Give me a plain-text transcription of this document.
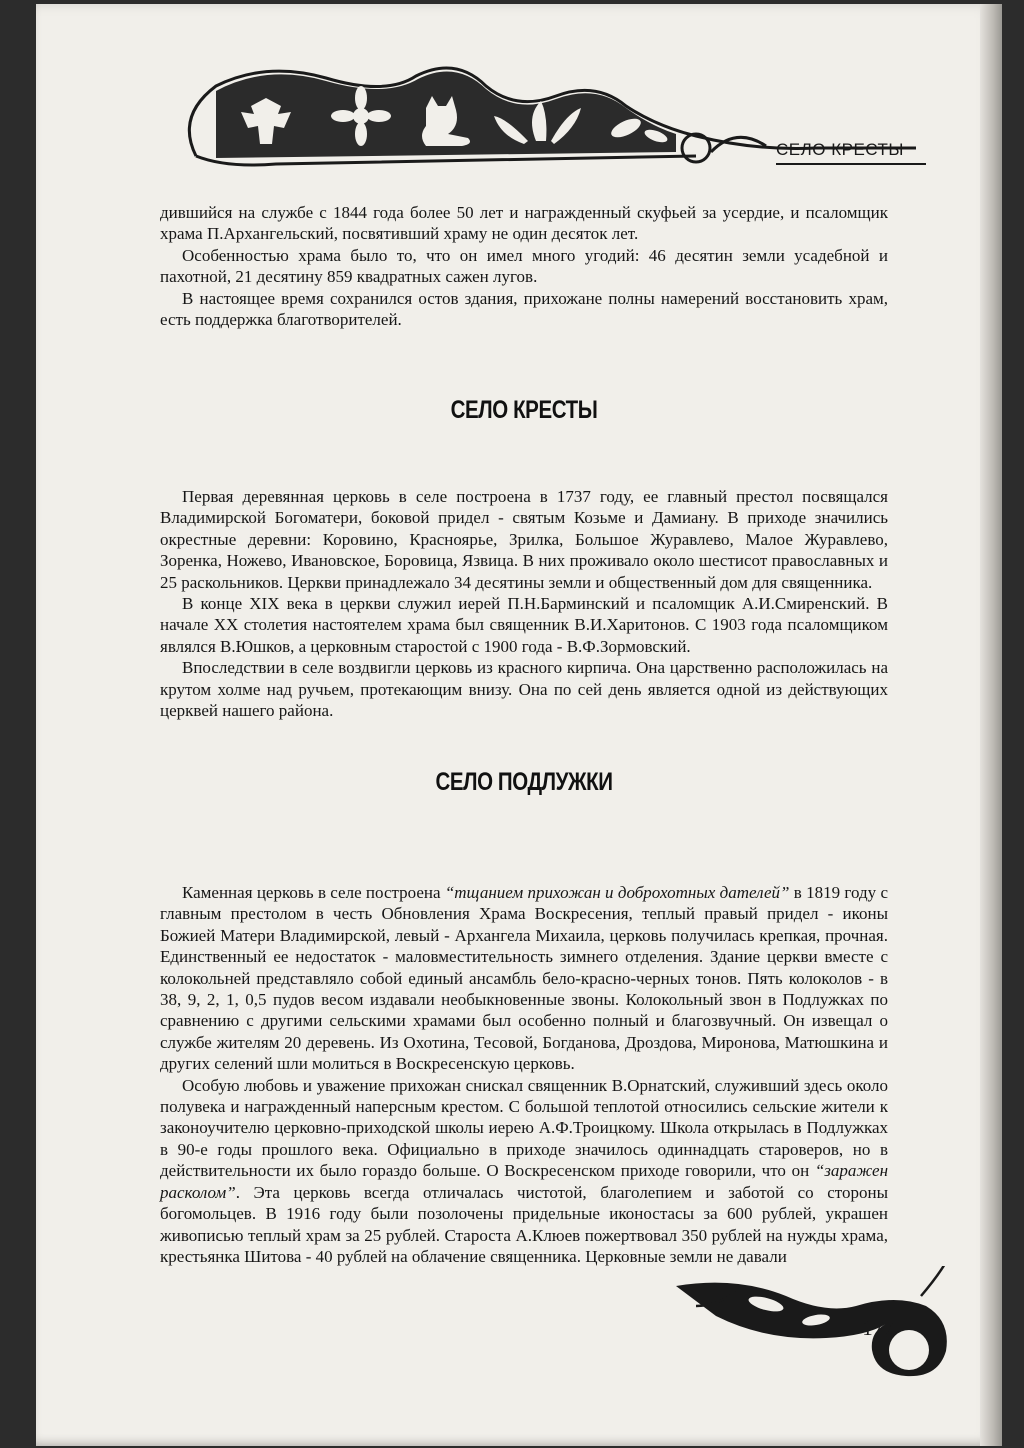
СЕЛО КРЕСТЫ

дившийся на службе с 1844 года более 50 лет и награжденный скуфьей за усердие, и псаломщик храма П.Архангельский, посвятивший храму не один десяток лет.

Особенностью храма было то, что он имел много угодий: 46 десятин земли усадебной и пахотной, 21 десятину 859 квадратных сажен лугов.

В настоящее время сохранился остов здания, прихожане полны намерений восстановить храм, есть поддержка благотворителей.

СЕЛО КРЕСТЫ

Первая деревянная церковь в селе построена в 1737 году, ее главный престол посвящался Владимирской Богоматери, боковой придел - святым Козьме и Дамиану. В приходе значились окрестные деревни: Коровино, Красноярье, Зрилка, Большое Журавлево, Малое Журавлево, Зоренка, Ножево, Ивановское, Боровица, Язвица. В них проживало около шестисот православных и 25 раскольников. Церкви принадлежало 34 десятины земли и общественный дом для священника.

В конце XIX века в церкви служил иерей П.Н.Барминский и псаломщик А.И.Смиренский. В начале XX столетия настоятелем храма был священник В.И.Харитонов. С 1903 года псаломщиком являлся В.Юшков, а церковным старостой с 1900 года - В.Ф.Зормовский.

Впоследствии в селе воздвигли церковь из красного кирпича. Она царственно расположилась на крутом холме над ручьем, протекающим внизу. Она по сей день является одной из действующих церквей нашего района.

СЕЛО ПОДЛУЖКИ

Каменная церковь в селе построена “тщанием прихожан и доброхотных дателей” в 1819 году с главным престолом в честь Обновления Храма Воскресения, теплый правый придел - иконы Божией Матери Владимирской, левый - Архангела Михаила, церковь получилась крепкая, прочная. Единственный ее недостаток - маловместительность зимнего отделения. Здание церкви вместе с колокольней представляло собой единый ансамбль бело-красно-черных тонов. Пять колоколов - в 38, 9, 2, 1, 0,5 пудов весом издавали необыкновенные звоны. Колокольный звон в Подлужках по сравнению с другими сельскими храмами был особенно полный и благозвучный. Он извещал о службе жителям 20 деревень. Из Охотина, Тесовой, Богданова, Дроздова, Миронова, Матюшкина и других селений шли молиться в Воскресенскую церковь.

Особую любовь и уважение прихожан снискал священник В.Орнатский, служивший здесь около полувека и награжденный наперсным крестом. С большой теплотой относились сельские жители к законоучителю церковно-приходской школы иерею А.Ф.Троицкому. Школа открылась в Подлужках в 90-е годы прошлого века. Официально в приходе значилось одиннадцать староверов, но в действительности их было гораздо больше. О Воскресенском приходе говорили, что он “заражен расколом”. Эта церковь всегда отличалась чистотой, благолепием и заботой со стороны богомольцев. В 1916 году были позолочены придельные иконостасы за 600 рублей, украшен живописью теплый храм за 25 рублей. Староста А.Клюев пожертвовал 350 рублей на нужды храма, крестьянка Шитова - 40 рублей на облачение священника. Церковные земли не давали

177
